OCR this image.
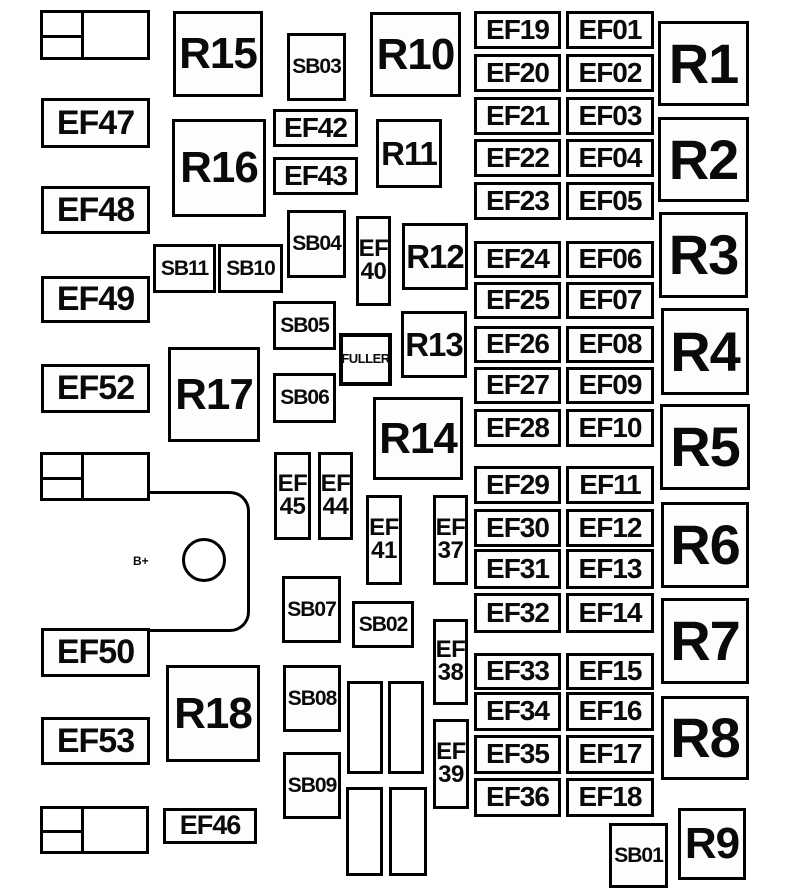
B+
EF47
EF48
EF49
EF52
EF50
EF53
EF46
R15
R16
R17
R18
SB11 SB10
SB03
EF42
EF43
SB04
SB05
SB06
SB07
SB08
SB09
SB02
SB01
EF
45
EF
44
EF
40
EF
41
EF
37
EF
38
EF
39
R10
R11
R12
R13
R14
FULLER
EF19	EF01
EF20	EF02
EF21	EF03
EF22	EF04
EF23	EF05
EF24	EF06
EF25	EF07
EF26	EF08
EF27	EF09
EF28	EF10
EF29	EF11
EF30	EF12
EF31	EF13
EF32	EF14
EF33	EF15
EF34	EF16
EF35	EF17
EF36	EF18
R1
R2
R3
R4
R5
R6
R7
R8
R9
